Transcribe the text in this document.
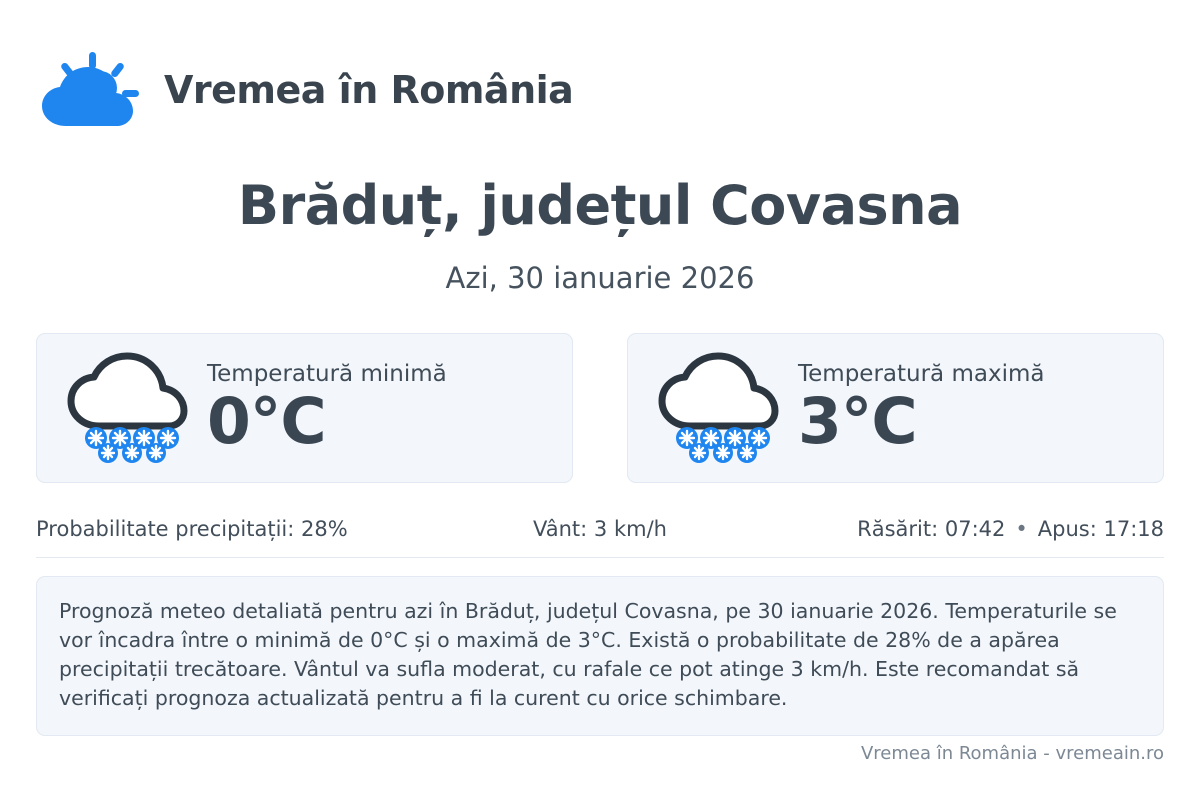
Vremea în România
Brăduț, județul Covasna
Azi, 30 ianuarie 2026
Temperatură minimă
0°C
Temperatură maximă
3°C
Probabilitate precipitații: 28%	Vânt: 3 km/h	Răsărit: 07:42 • Apus: 17:18
Prognoză meteo detaliată pentru azi în Brăduț, județul Covasna, pe 30 ianuarie 2026. Temperaturile se vor încadra între o minimă de 0°C și o maximă de 3°C. Există o probabilitate de 28% de a apărea precipitații trecătoare. Vântul va sufla moderat, cu rafale ce pot atinge 3 km/h. Este recomandat să verificați prognoza actualizată pentru a fi la curent cu orice schimbare.
Vremea în România - vremeain.ro
